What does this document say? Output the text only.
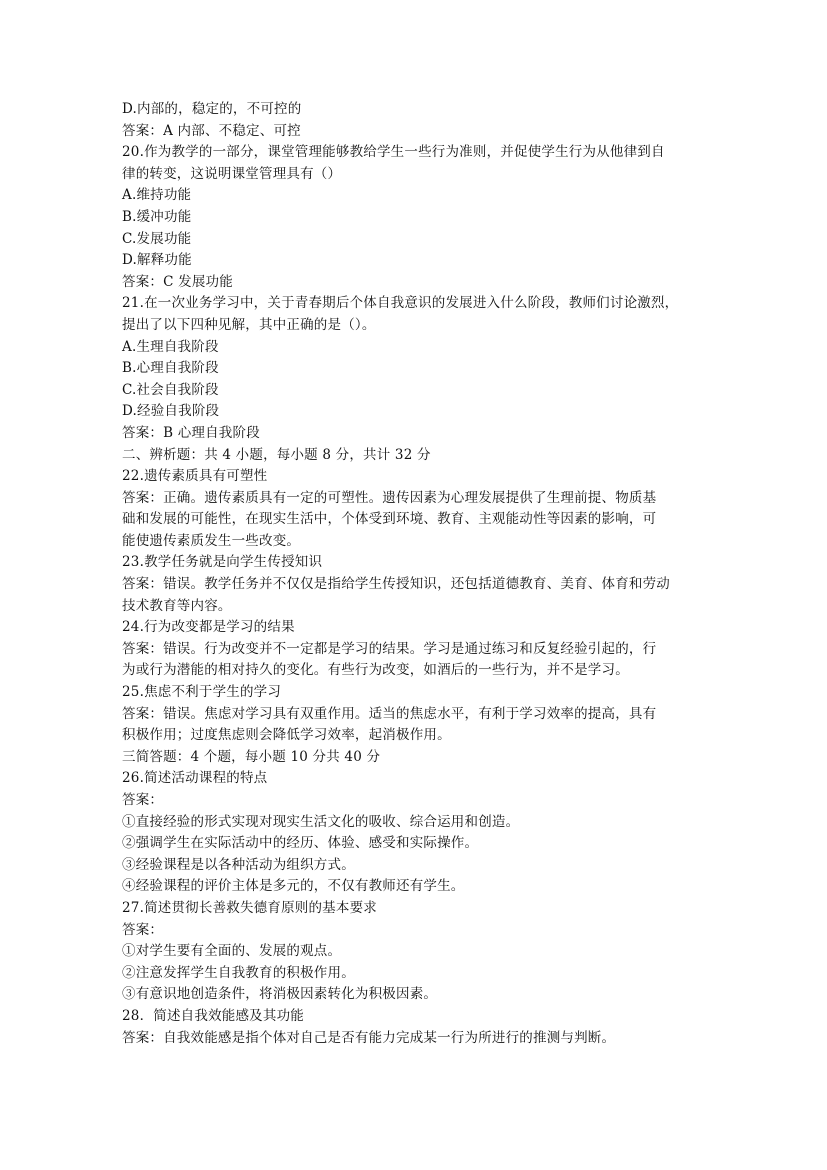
D.内部的，稳定的，不可控的
答案：A 内部、不稳定、可控
20.作为教学的一部分，课堂管理能够教给学生一些行为准则，并促使学生行为从他律到自
律的转变，这说明课堂管理具有（）
A.维持功能
B.缓冲功能
C.发展功能
D.解释功能
答案：C 发展功能
21.在一次业务学习中，关于青春期后个体自我意识的发展进入什么阶段，教师们讨论激烈，
提出了以下四种见解，其中正确的是（）。
A.生理自我阶段
B.心理自我阶段
C.社会自我阶段
D.经验自我阶段
答案：B 心理自我阶段
二、辨析题：共 4 小题，每小题 8 分，共计 32 分
22.遗传素质具有可塑性
答案：正确。遗传素质具有一定的可塑性。遗传因素为心理发展提供了生理前提、物质基
础和发展的可能性，在现实生活中，个体受到环境、教育、主观能动性等因素的影响，可
能使遗传素质发生一些改变。
23.教学任务就是向学生传授知识
答案：错误。教学任务并不仅仅是指给学生传授知识，还包括道德教育、美育、体育和劳动
技术教育等内容。
24.行为改变都是学习的结果
答案：错误。行为改变并不一定都是学习的结果。学习是通过练习和反复经验引起的，行
为或行为潜能的相对持久的变化。有些行为改变，如酒后的一些行为，并不是学习。
25.焦虑不利于学生的学习
答案：错误。焦虑对学习具有双重作用。适当的焦虑水平，有利于学习效率的提高，具有
积极作用；过度焦虑则会降低学习效率，起消极作用。
三简答题：4 个题，每小题 10 分共 40 分
26.简述活动课程的特点
答案：
①直接经验的形式实现对现实生活文化的吸收、综合运用和创造。
②强调学生在实际活动中的经历、体验、感受和实际操作。
③经验课程是以各种活动为组织方式。
④经验课程的评价主体是多元的，不仅有教师还有学生。
27.简述贯彻长善救失德育原则的基本要求
答案：
①对学生要有全面的、发展的观点。
②注意发挥学生自我教育的积极作用。
③有意识地创造条件，将消极因素转化为积极因素。
28．简述自我效能感及其功能
答案：自我效能感是指个体对自己是否有能力完成某一行为所进行的推测与判断。
